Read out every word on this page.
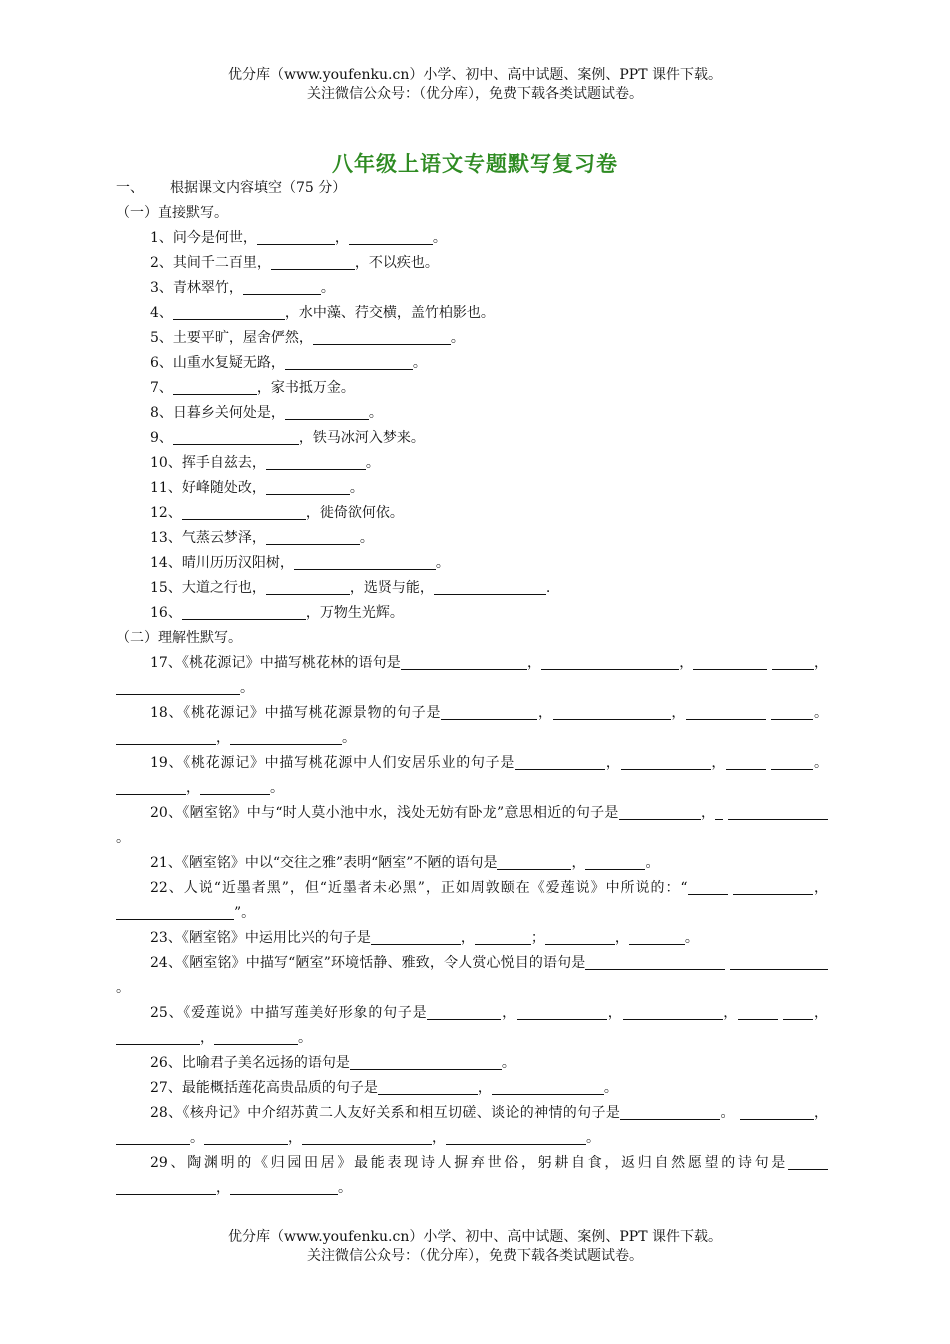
优分库（www.youfenku.cn）小学、初中、高中试题、案例、PPT 课件下载。
关注微信公众号：（优分库），免费下载各类试题试卷。
八年级上语文专题默写复习卷

一、 根据课文内容填空（75 分）

（一）直接默写。

1、问今是何世，	，	。

2、其间千二百里，	，不以疾也。

3、青林翠竹，	。

4、	，水中藻、荇交横，盖竹柏影也。

5、土要平旷，屋舍俨然，	。

6、山重水复疑无路，	。

7、	，家书抵万金。

8、日暮乡关何处是，	。

9、	，铁马冰河入梦来。

10、挥手自兹去，	。

11、好峰随处改，	。

12、	，徙倚欲何依。

13、气蒸云梦泽，	。

14、晴川历历汉阳树，	。

15、大道之行也，	，选贤与能，	.

16、	，万物生光辉。

（二）理解性默写。

17、《桃花源记》中描写桃花林的语句是	，	，	，。

18、《桃花源记》中描写桃花源景物的句子是	，	，	。，	。

19、《桃花源记》中描写桃花源中人们安居乐业的句子是	，	，	。，	。

20、《陋室铭》中与“时人莫小池中水，浅处无妨有卧龙”意思相近的句子是	， 。

21、《陋室铭》中以“交往之雅”表明“陋室”不陋的语句是	，	。

22、人说“近墨者黑”，但“近墨者未必黑”，正如周敦颐在《爱莲说》中所说的：“	，”。

23、《陋室铭》中运用比兴的句子是	，	；	，	。

24、《陋室铭》中描写“陋室”环境恬静、雅致，令人赏心悦目的语句是 。

25、《爱莲说》中描写莲美好形象的句子是	，	，	，	，，	。

26、比喻君子美名远扬的语句是	。

27、最能概括莲花高贵品质的句子是	，	。

28、《核舟记》中介绍苏黄二人友好关系和相互切磋、谈论的神情的句子是	。	，。	，	，	。

29、陶渊明的《归园田居》最能表现诗人摒弃世俗，躬耕自食，返归自然愿望的诗句是 ，	。

优分库（www.youfenku.cn）小学、初中、高中试题、案例、PPT 课件下载。
关注微信公众号：（优分库），免费下载各类试题试卷。
